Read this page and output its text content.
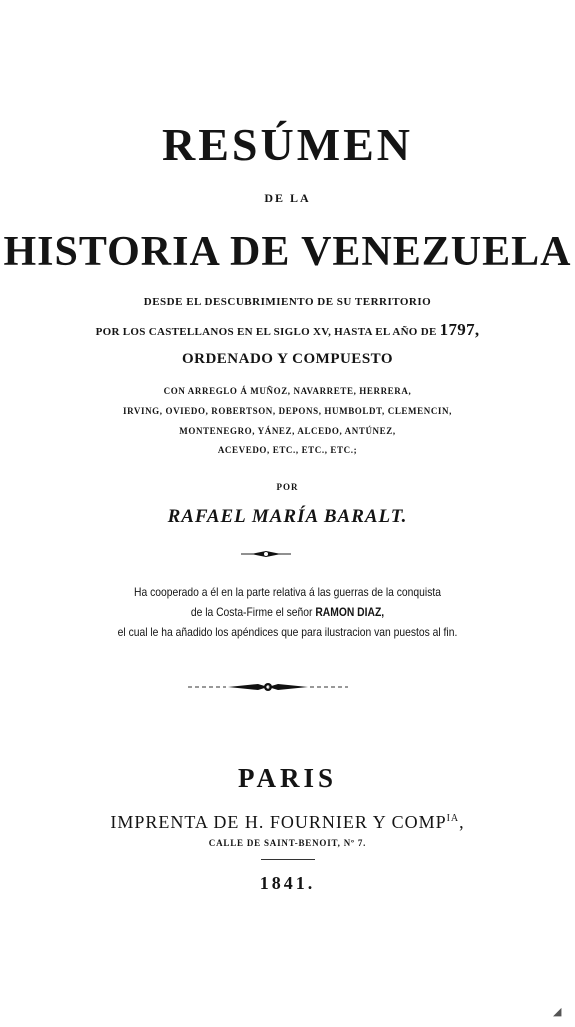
RESÚMEN
DE LA
HISTORIA DE VENEZUELA
DESDE EL DESCUBRIMIENTO DE SU TERRITORIO
POR LOS CASTELLANOS EN EL SIGLO XV, HASTA EL AÑO DE 1797,
ORDENADO Y COMPUESTO
CON ARREGLO Á MUÑOZ, NAVARRETE, HERRERA,
IRVING, OVIEDO, ROBERTSON, DEPONS, HUMBOLDT, CLEMENCIN,
MONTENEGRO, YÁNEZ, ALCEDO, ANTÚNEZ,
ACEVEDO, ETC., ETC., ETC.;
POR
RAFAEL MARÍA BARALT.
Ha cooperado a él en la parte relativa á las guerras de la conquista
de la Costa-Firme el señor RAMON DIAZ,
el cual le ha añadido los apéndices que para ilustracion van puestos al fin.
PARIS
IMPRENTA DE H. FOURNIER Y $COMP^{IA}$,
CALLE DE SAINT-BENOIT, Nº 7.
1841.
◢
